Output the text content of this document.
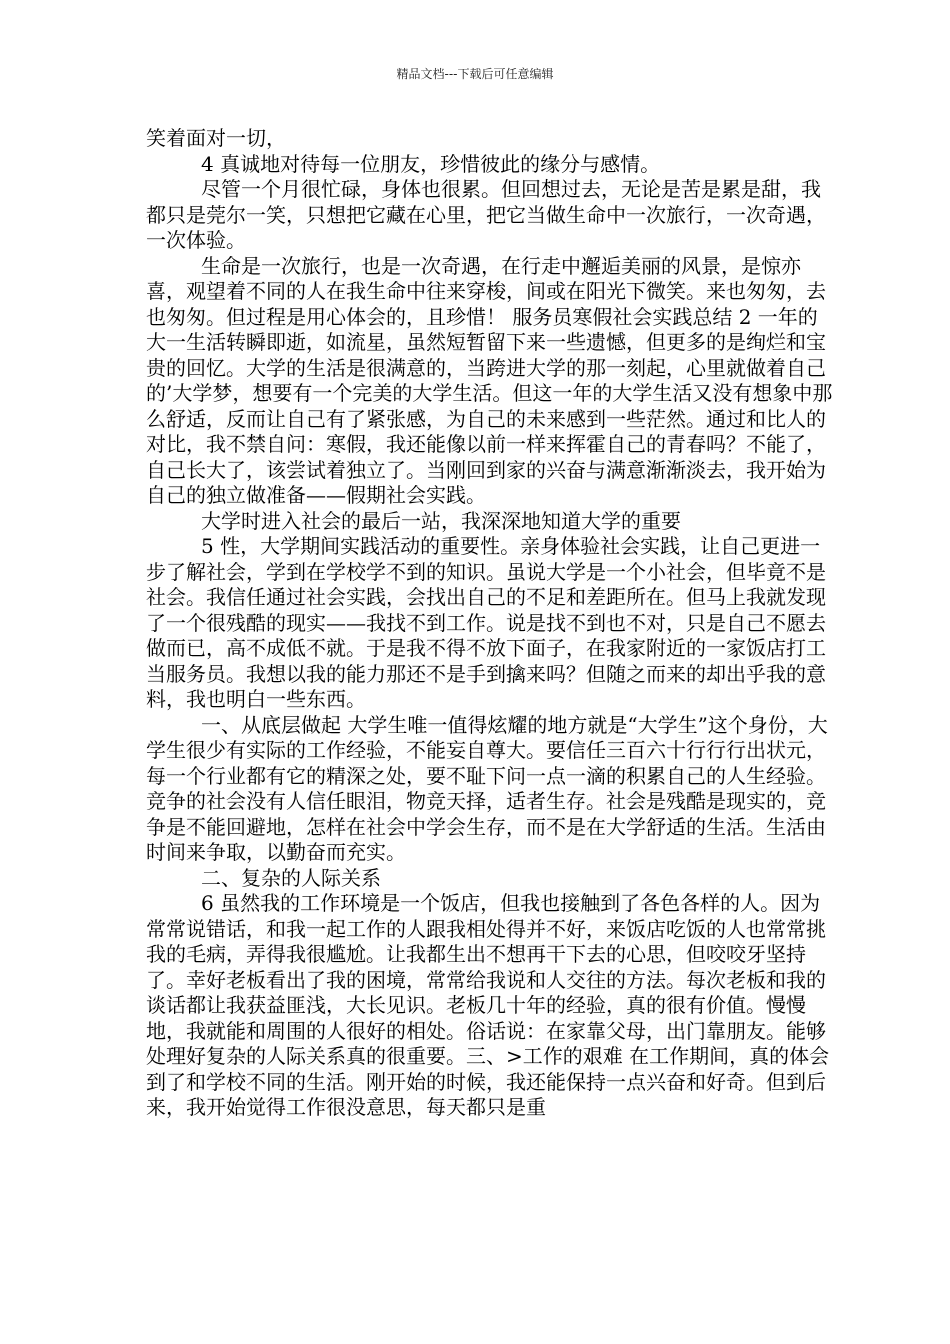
精品文档---下载后可任意编辑

笑着面对一切，

4 真诚地对待每一位朋友，珍惜彼此的缘分与感情。

尽管一个月很忙碌，身体也很累。但回想过去，无论是苦是累是甜，我都只是莞尔一笑，只想把它藏在心里，把它当做生命中一次旅行，一次奇遇，一次体验。

生命是一次旅行，也是一次奇遇，在行走中邂逅美丽的风景，是惊亦喜，观望着不同的人在我生命中往来穿梭，间或在阳光下微笑。来也匆匆，去也匆匆。但过程是用心体会的，且珍惜！ 服务员寒假社会实践总结 2 一年的大一生活转瞬即逝，如流星，虽然短暂留下来一些遗憾，但更多的是绚烂和宝贵的回忆。大学的生活是很满意的，当跨进大学的那一刻起，心里就做着自己的’大学梦，想要有一个完美的大学生活。但这一年的大学生活又没有想象中那么舒适，反而让自己有了紧张感，为自己的未来感到一些茫然。通过和比人的对比，我不禁自问：寒假，我还能像以前一样来挥霍自己的青春吗？不能了，自己长大了，该尝试着独立了。当刚回到家的兴奋与满意渐渐淡去，我开始为自己的独立做准备——假期社会实践。

大学时进入社会的最后一站，我深深地知道大学的重要

5 性，大学期间实践活动的重要性。亲身体验社会实践，让自己更进一步了解社会，学到在学校学不到的知识。虽说大学是一个小社会，但毕竟不是社会。我信任通过社会实践，会找出自己的不足和差距所在。但马上我就发现了一个很残酷的现实——我找不到工作。说是找不到也不对，只是自己不愿去做而已，高不成低不就。于是我不得不放下面子，在我家附近的一家饭店打工当服务员。我想以我的能力那还不是手到擒来吗？但随之而来的却出乎我的意料，我也明白一些东西。

一、从底层做起 大学生唯一值得炫耀的地方就是“大学生”这个身份，大学生很少有实际的工作经验，不能妄自尊大。要信任三百六十行行行出状元，每一个行业都有它的精深之处，要不耻下问一点一滴的积累自己的人生经验。竞争的社会没有人信任眼泪，物竞天择，适者生存。社会是残酷是现实的，竞争是不能回避地，怎样在社会中学会生存，而不是在大学舒适的生活。生活由时间来争取，以勤奋而充实。

二、复杂的人际关系

6 虽然我的工作环境是一个饭店，但我也接触到了各色各样的人。因为常常说错话，和我一起工作的人跟我相处得并不好，来饭店吃饭的人也常常挑我的毛病，弄得我很尴尬。让我都生出不想再干下去的心思，但咬咬牙坚持了。幸好老板看出了我的困境，常常给我说和人交往的方法。每次老板和我的谈话都让我获益匪浅，大长见识。老板几十年的经验，真的很有价值。慢慢地，我就能和周围的人很好的相处。俗话说：在家靠父母，出门靠朋友。能够处理好复杂的人际关系真的很重要。三、>工作的艰难 在工作期间，真的体会到了和学校不同的生活。刚开始的时候，我还能保持一点兴奋和好奇。但到后来，我开始觉得工作很没意思，每天都只是重
